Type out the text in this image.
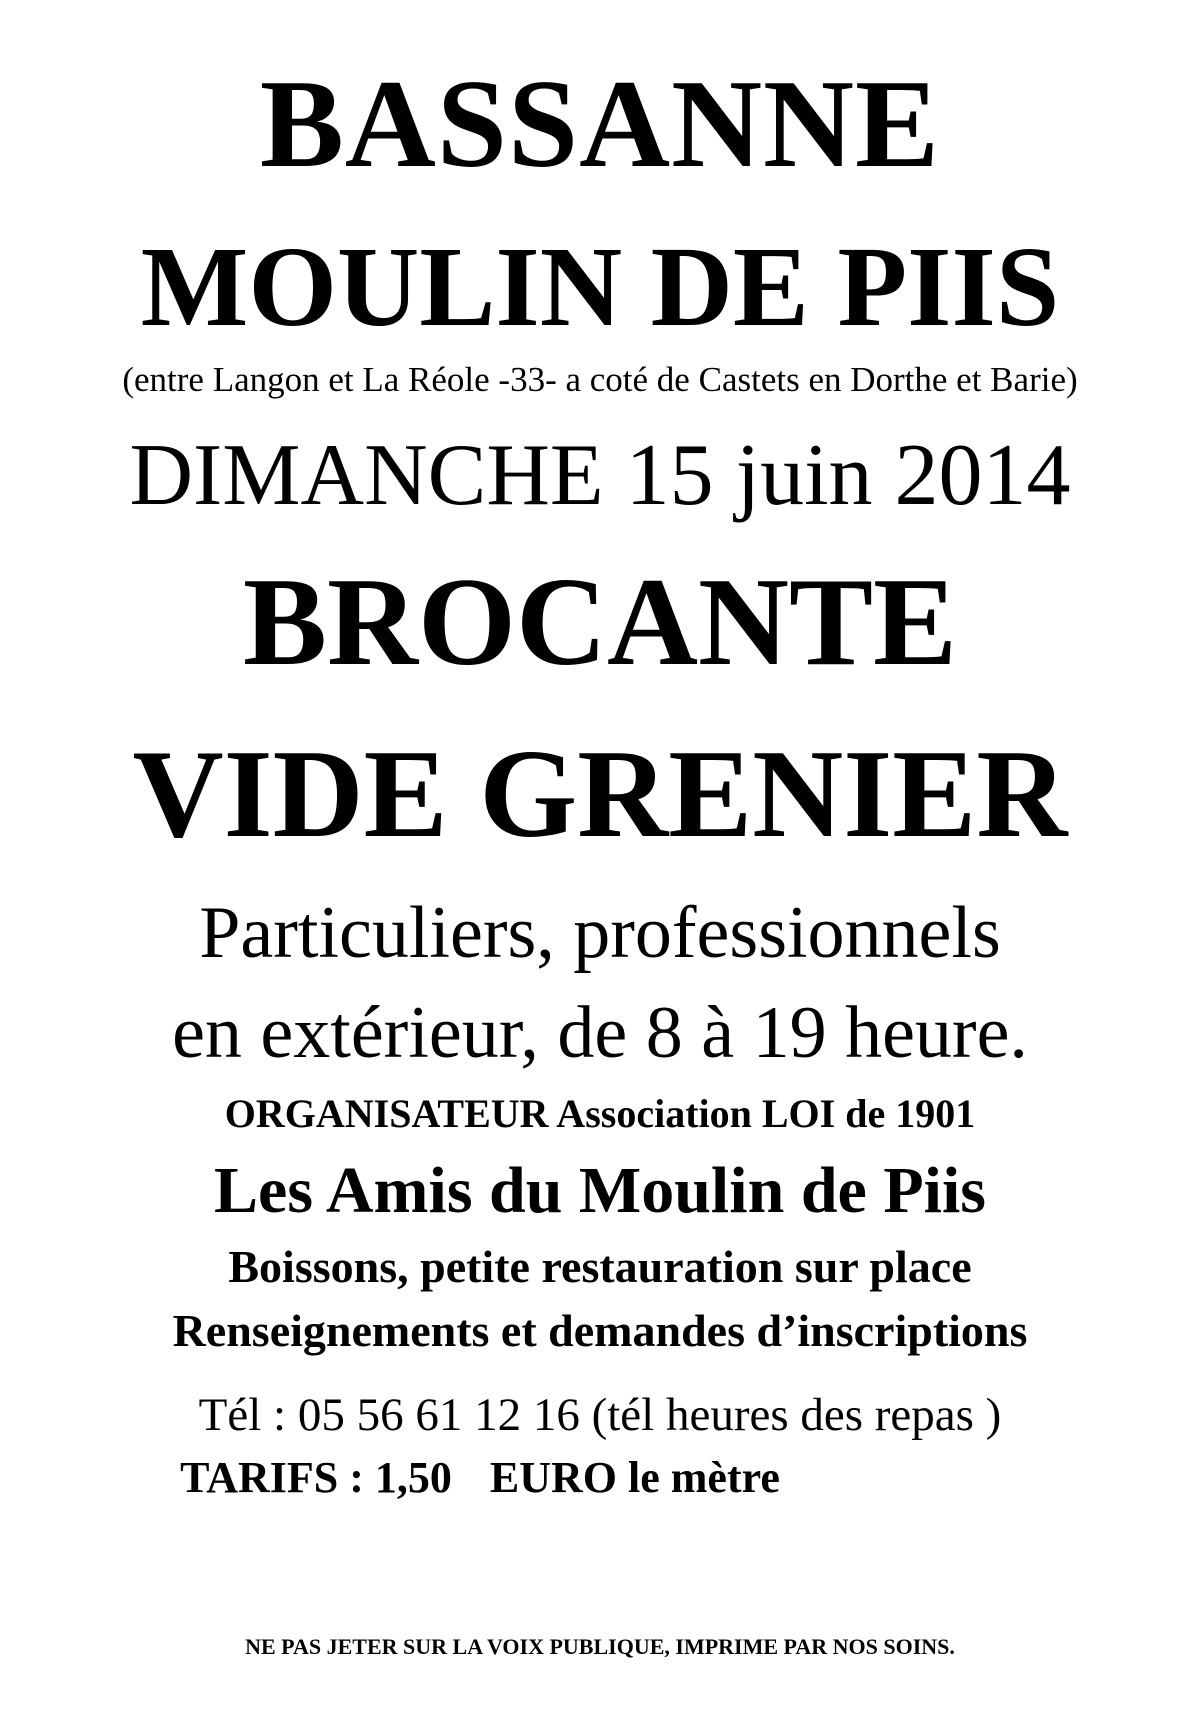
BASSANNE
MOULIN DE PIIS
(entre Langon et La Réole -33- a coté de Castets en Dorthe et Barie)
DIMANCHE 15 juin 2014
BROCANTE
VIDE GRENIER
Particuliers, professionnels
en extérieur, de 8 à 19 heure.
ORGANISATEUR Association LOI de 1901
Les Amis du Moulin de Piis
Boissons, petite restauration sur place
Renseignements et demandes d’inscriptions
Tél : 05 56 61 12 16 (tél heures des repas )
TARIFS : 1,50 EURO le mètre
NE PAS JETER SUR LA VOIX PUBLIQUE, IMPRIME PAR NOS SOINS.
